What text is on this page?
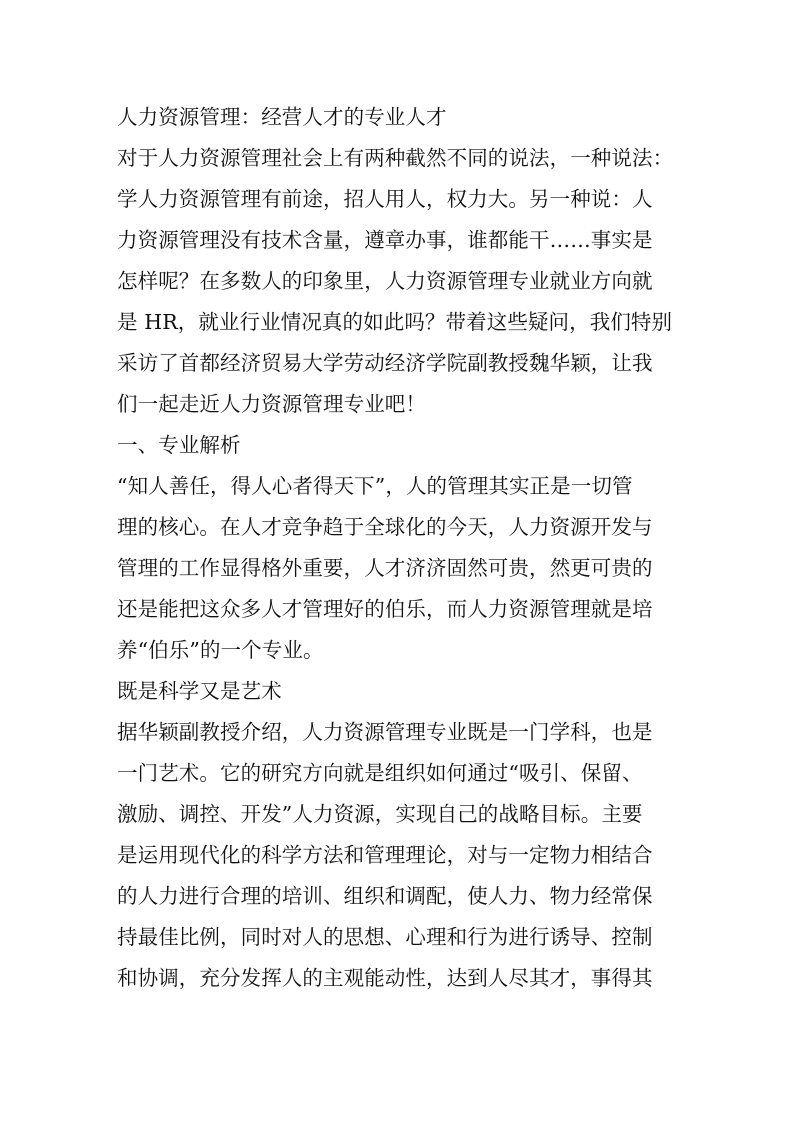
人力资源管理：经营人才的专业人才
对于人力资源管理社会上有两种截然不同的说法，一种说法：
学人力资源管理有前途，招人用人，权力大。另一种说：人
力资源管理没有技术含量，遵章办事，谁都能干……事实是
怎样呢？在多数人的印象里，人力资源管理专业就业方向就
是 HR，就业行业情况真的如此吗？带着这些疑问，我们特别
采访了首都经济贸易大学劳动经济学院副教授魏华颖，让我
们一起走近人力资源管理专业吧！
一、专业解析
“知人善任，得人心者得天下”，人的管理其实正是一切管
理的核心。在人才竞争趋于全球化的今天，人力资源开发与
管理的工作显得格外重要，人才济济固然可贵，然更可贵的
还是能把这众多人才管理好的伯乐，而人力资源管理就是培
养“伯乐”的一个专业。
既是科学又是艺术
据华颖副教授介绍，人力资源管理专业既是一门学科，也是
一门艺术。它的研究方向就是组织如何通过“吸引、保留、
激励、调控、开发”人力资源，实现自己的战略目标。主要
是运用现代化的科学方法和管理理论，对与一定物力相结合
的人力进行合理的培训、组织和调配，使人力、物力经常保
持最佳比例，同时对人的思想、心理和行为进行诱导、控制
和协调，充分发挥人的主观能动性，达到人尽其才，事得其
